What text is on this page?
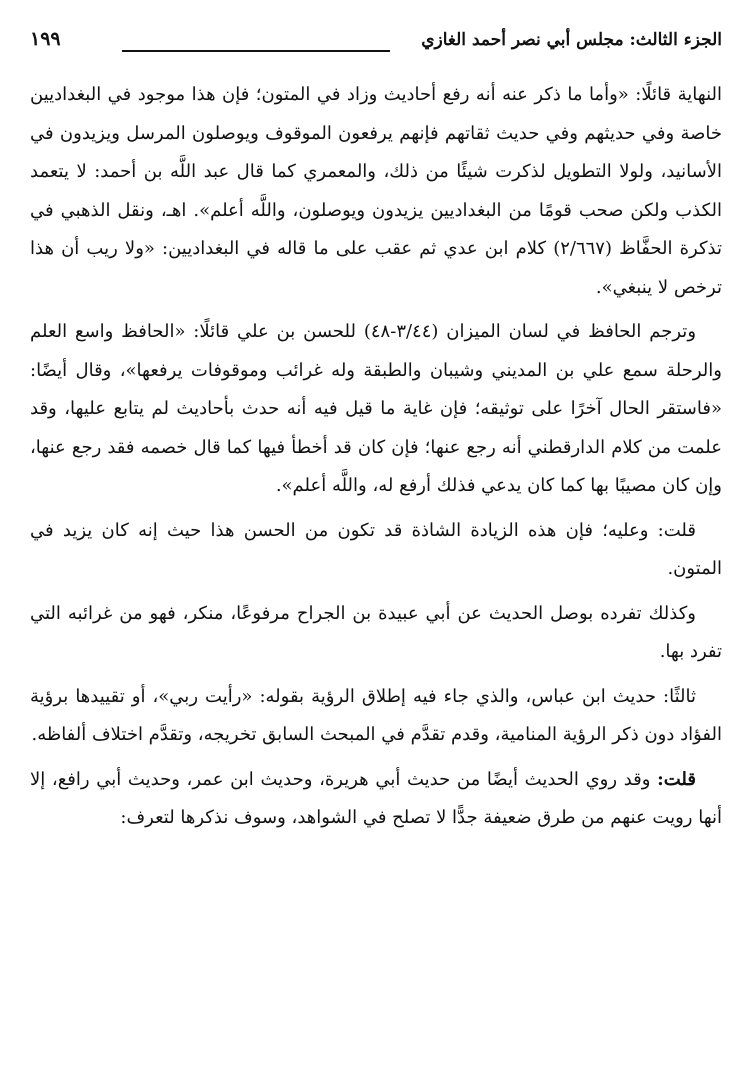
الجزء الثالث: مجلس أبي نصر أحمد الغازي
١٩٩

النهاية قائلًا: «وأما ما ذكر عنه أنه رفع أحاديث وزاد في المتون؛ فإن هذا موجود في البغداديين خاصة وفي حديثهم وفي حديث ثقاتهم فإنهم يرفعون الموقوف ويوصلون المرسل ويزيدون في الأسانيد، ولولا التطويل لذكرت شيئًا من ذلك، والمعمري كما قال عبد اللَّه بن أحمد: لا يتعمد الكذب ولكن صحب قومًا من البغداديين يزيدون ويوصلون، واللَّه أعلم». اهـ، ونقل الذهبي في تذكرة الحفَّاظ (٢/٦٦٧) كلام ابن عدي ثم عقب على ما قاله في البغداديين: «ولا ريب أن هذا ترخص لا ينبغي».

وترجم الحافظ في لسان الميزان (٣/٤٤-٤٨) للحسن بن علي قائلًا: «الحافظ واسع العلم والرحلة سمع علي بن المديني وشيبان والطبقة وله غرائب وموقوفات يرفعها»، وقال أيضًا: «فاستقر الحال آخرًا على توثيقه؛ فإن غاية ما قيل فيه أنه حدث بأحاديث لم يتابع عليها، وقد علمت من كلام الدارقطني أنه رجع عنها؛ فإن كان قد أخطأ فيها كما قال خصمه فقد رجع عنها، وإن كان مصيبًا بها كما كان يدعي فذلك أرفع له، واللَّه أعلم».

قلت: وعليه؛ فإن هذه الزيادة الشاذة قد تكون من الحسن هذا حيث إنه كان يزيد في المتون.

وكذلك تفرده بوصل الحديث عن أبي عبيدة بن الجراح مرفوعًا، منكر، فهو من غرائبه التي تفرد بها.

ثالثًا: حديث ابن عباس، والذي جاء فيه إطلاق الرؤية بقوله: «رأيت ربي»، أو تقييدها برؤية الفؤاد دون ذكر الرؤية المنامية، وقدم تقدَّم في المبحث السابق تخريجه، وتقدَّم اختلاف ألفاظه.

قلت: وقد روي الحديث أيضًا من حديث أبي هريرة، وحديث ابن عمر، وحديث أبي رافع، إلا أنها رويت عنهم من طرق ضعيفة جدًّا لا تصلح في الشواهد، وسوف نذكرها لتعرف:
